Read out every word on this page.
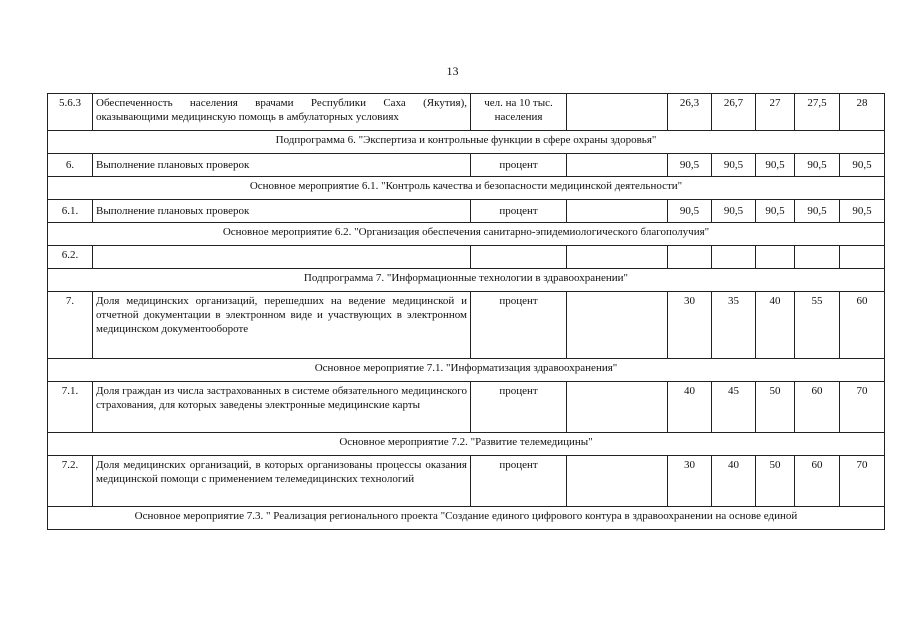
13
5.6.3	Обеспеченность населения врачами Республики Саха (Якутия), оказывающими медицинскую помощь в амбулаторных условиях	чел. на 10 тыс. населения		26,3	26,7	27	27,5	28
Подпрограмма 6. "Экспертиза и контрольные функции в сфере охраны здоровья"								
6.	Выполнение плановых проверок	процент		90,5	90,5	90,5	90,5	90,5
Основное мероприятие 6.1. "Контроль качества и безопасности медицинской деятельности"								
6.1.	Выполнение плановых проверок	процент		90,5	90,5	90,5	90,5	90,5
Основное мероприятие 6.2. "Организация обеспечения санитарно-эпидемиологического благополучия"								
6.2.								
Подпрограмма 7. "Информационные технологии в здравоохранении"								
7.	Доля медицинских организаций, перешедших на ведение медицинской и отчетной документации в электронном виде и участвующих в электронном медицинском документообороте	процент		30	35	40	55	60
Основное мероприятие 7.1. "Информатизация здравоохранения"								
7.1.	Доля граждан из числа застрахованных в системе обязательного медицинского страхования, для которых заведены электронные медицинские карты	процент		40	45	50	60	70
Основное мероприятие 7.2. "Развитие телемедицины"								
7.2.	Доля медицинских организаций, в которых организованы процессы оказания медицинской помощи с применением телемедицинских технологий	процент		30	40	50	60	70
Основное мероприятие 7.3. " Реализация регионального проекта "Создание единого цифрового контура в здравоохранении на основе единой								
